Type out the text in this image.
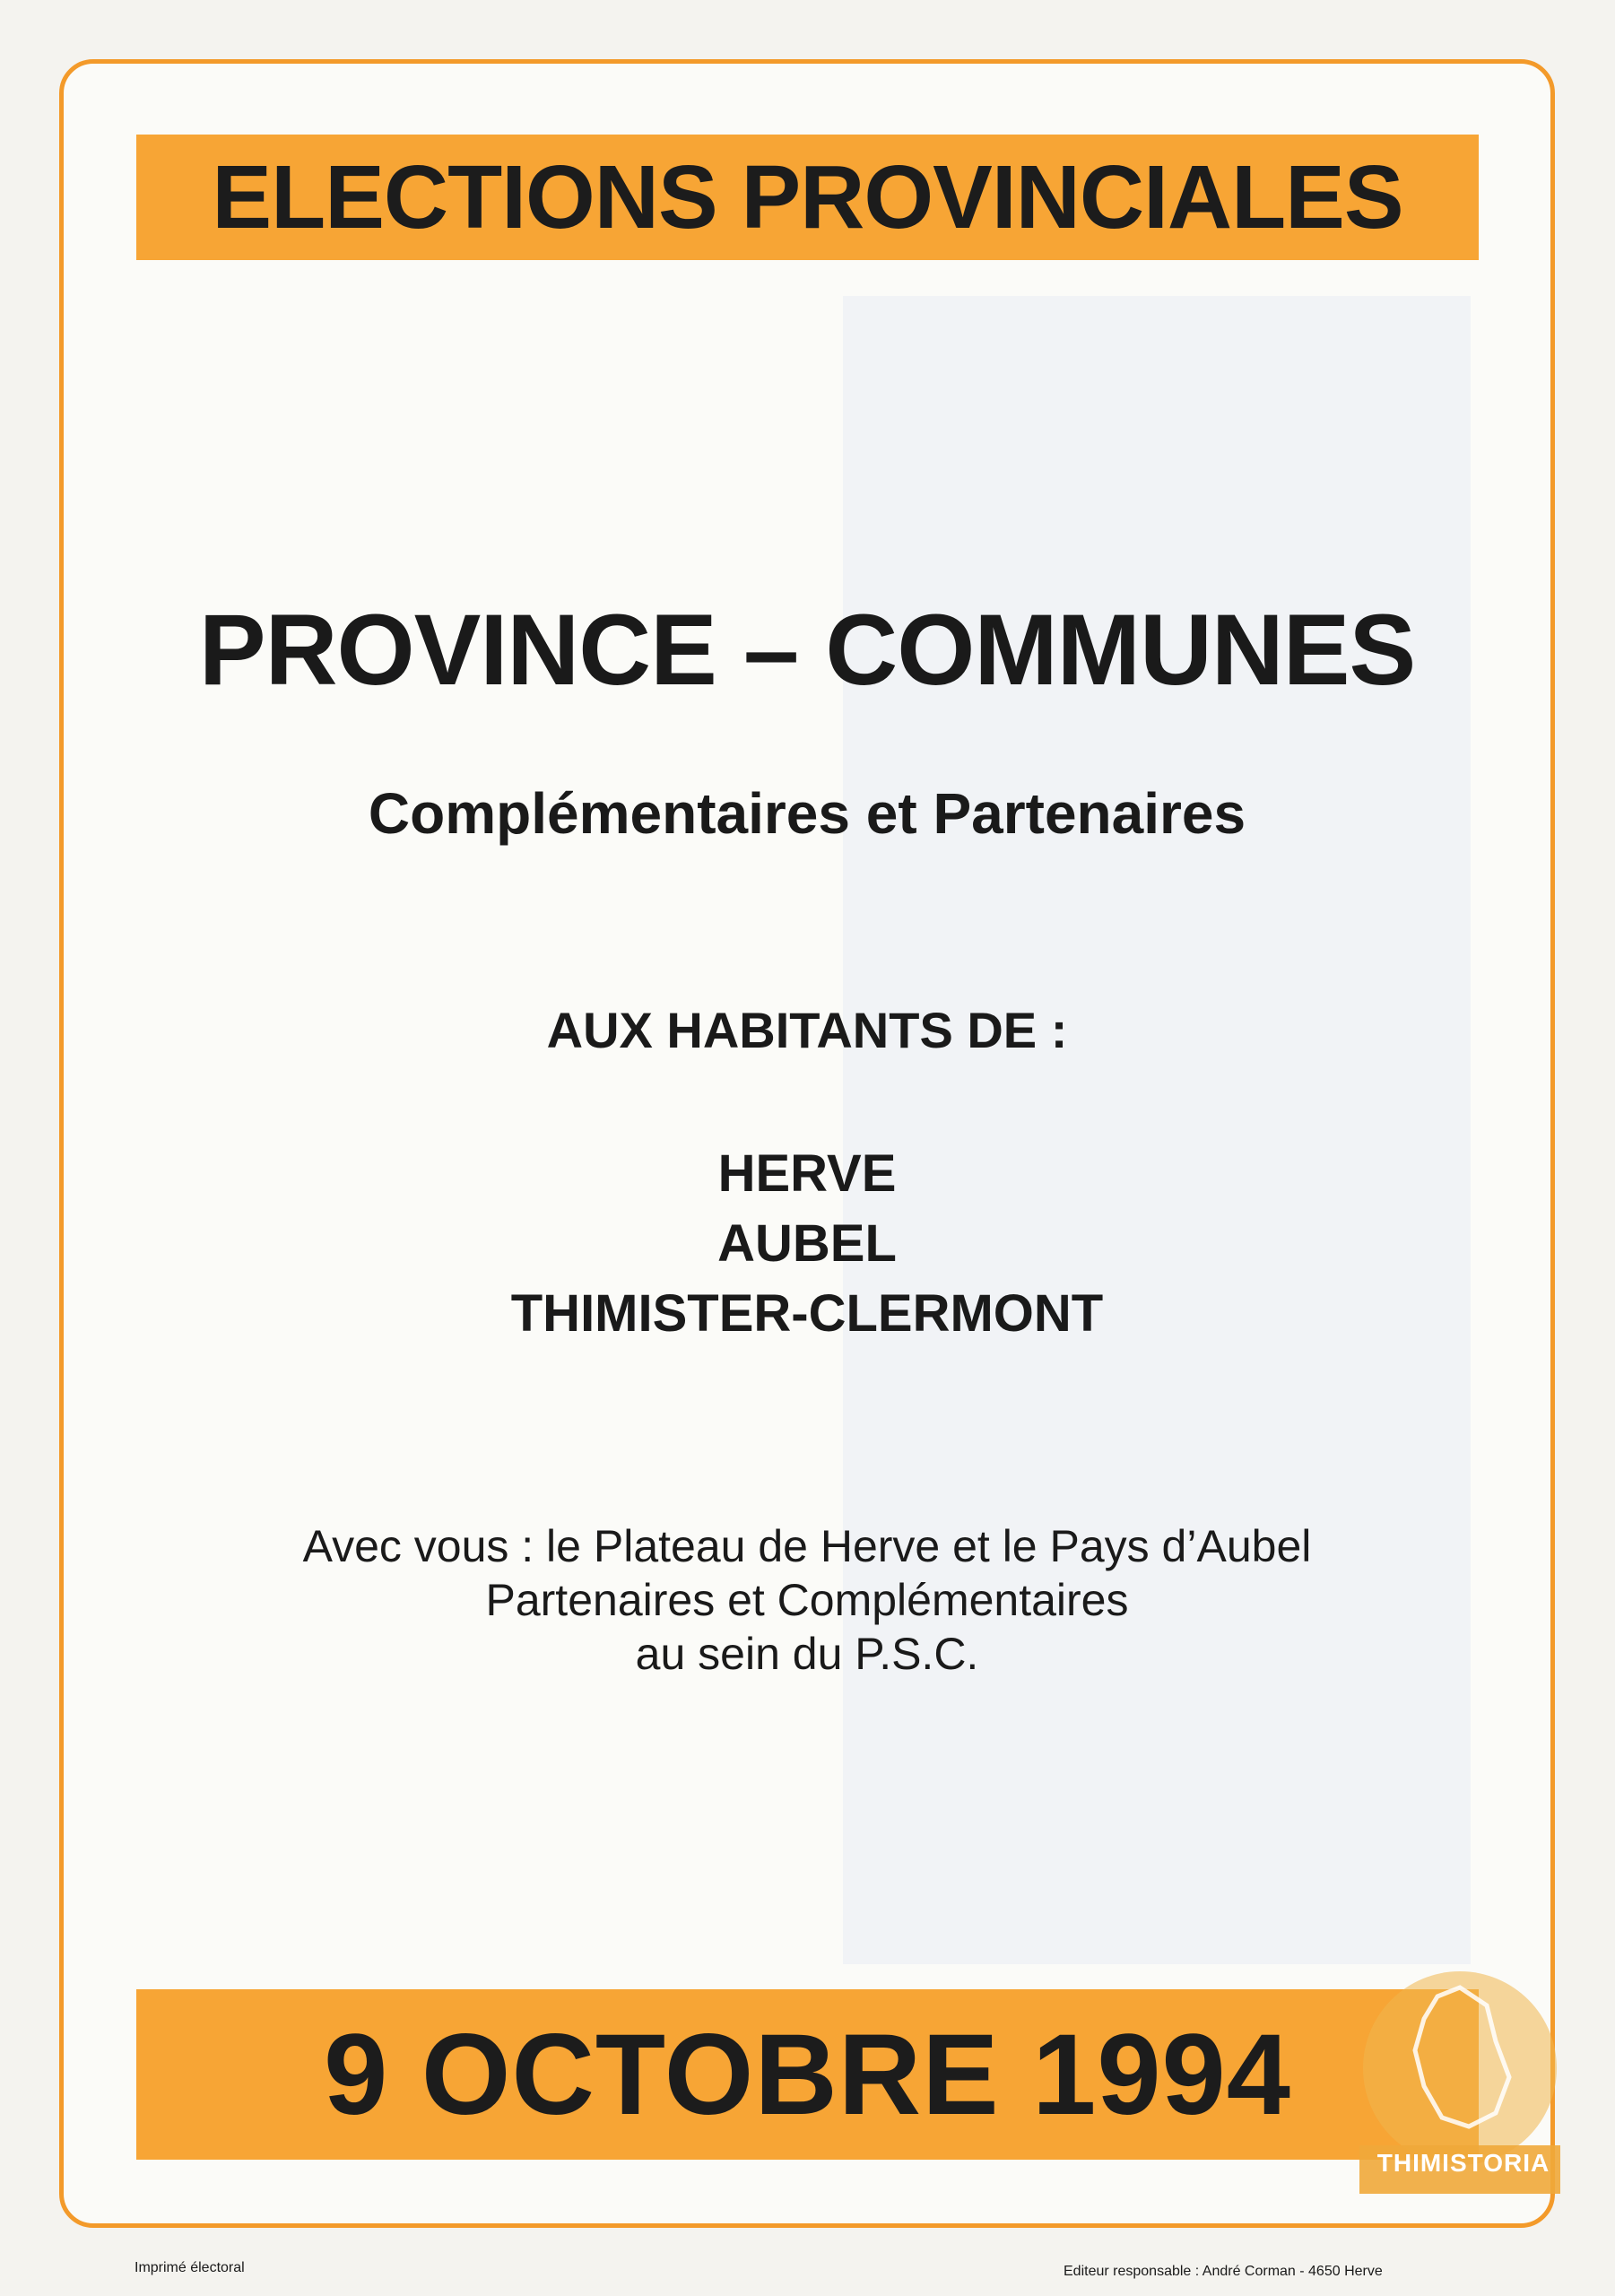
ELECTIONS PROVINCIALES
PROVINCE – COMMUNES
Complémentaires et Partenaires
AUX HABITANTS DE :
HERVE
AUBEL
THIMISTER-CLERMONT
Avec vous : le Plateau de Herve et le Pays d’Aubel
Partenaires et Complémentaires
au sein du P.S.C.
9 OCTOBRE 1994
Imprimé électoral	Editeur responsable : André Corman - 4650 Herve
THIMISTORIA
